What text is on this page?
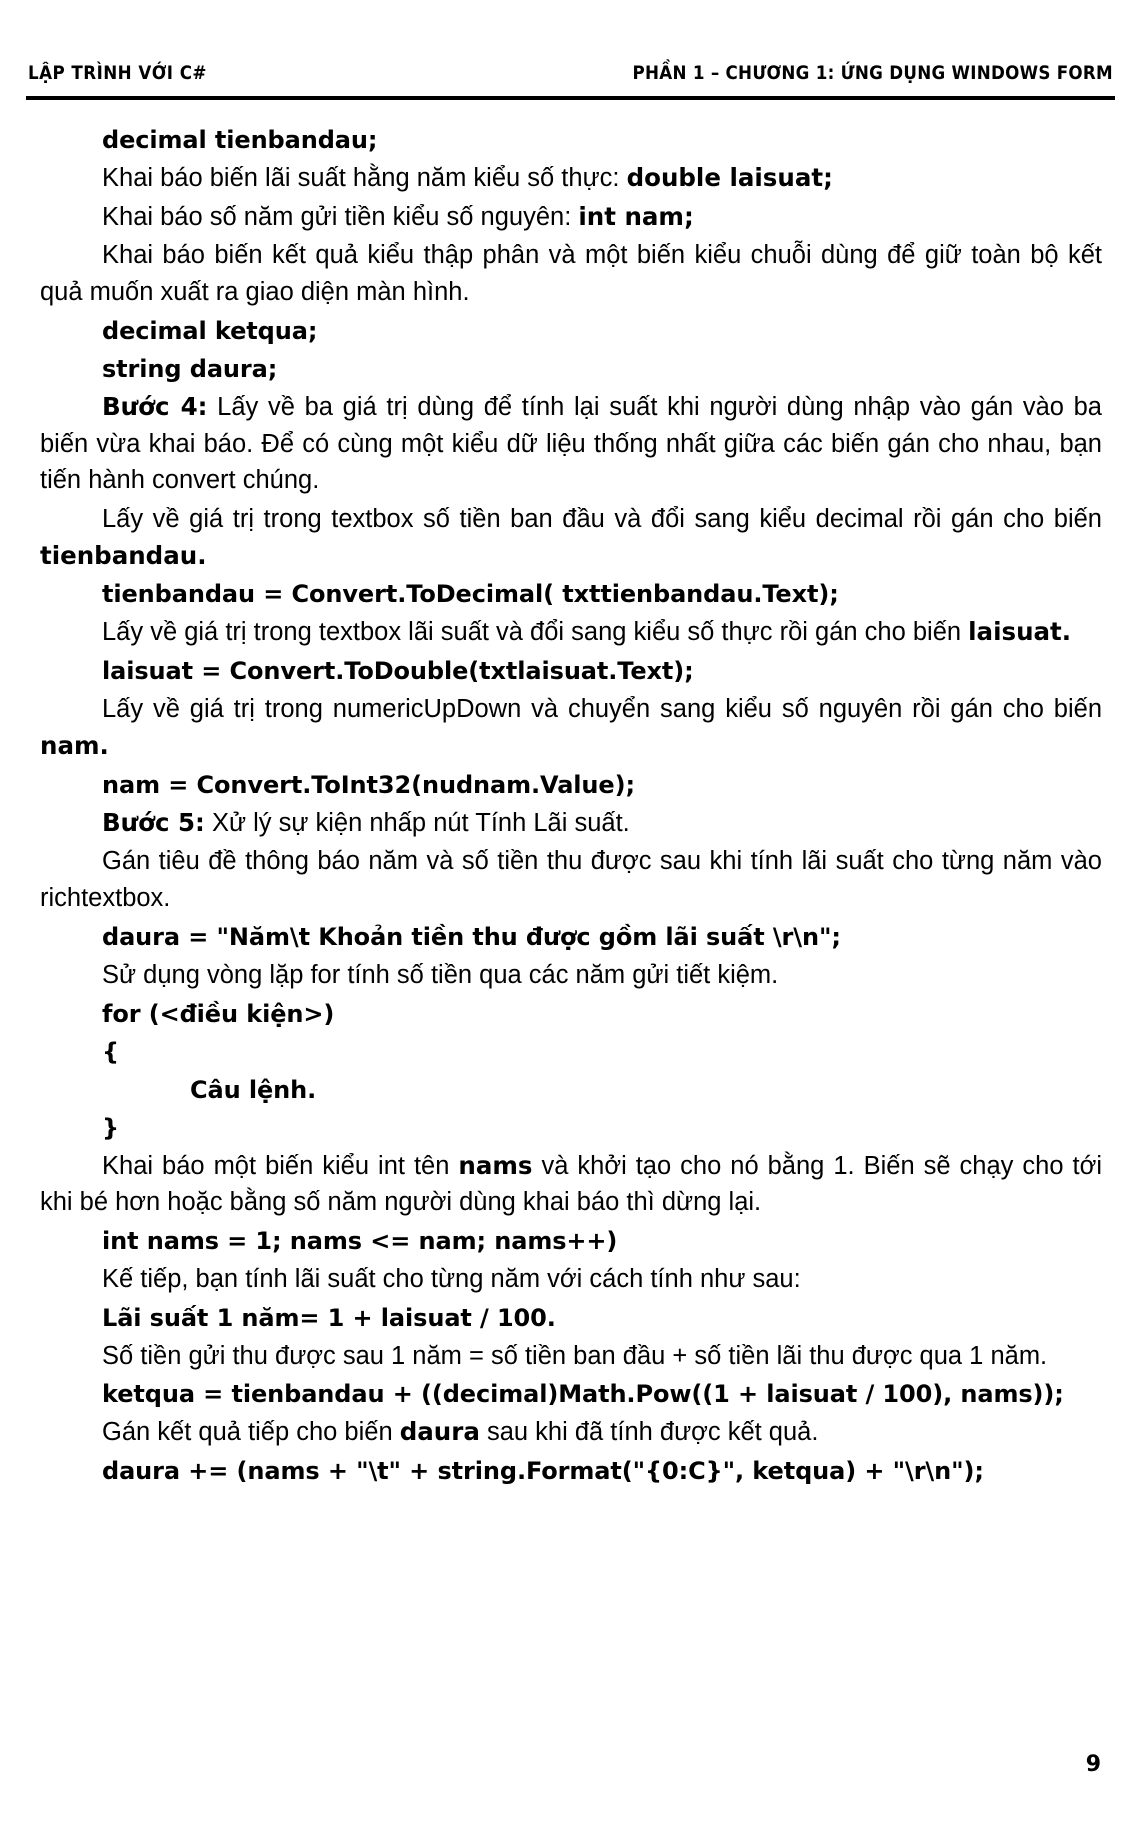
LẬP TRÌNH VỚI C#	PHẦN 1 – CHƯƠNG 1: ỨNG DỤNG WINDOWS FORM
decimal tienbandau;

Khai báo biến lãi suất hằng năm kiểu số thực: double laisuat;

Khai báo số năm gửi tiền kiểu số nguyên: int nam;

Khai báo biến kết quả kiểu thập phân và một biến kiểu chuỗi dùng để giữ toàn bộ kết quả muốn xuất ra giao diện màn hình.

decimal ketqua;
string daura;

Bước 4: Lấy về ba giá trị dùng để tính lại suất khi người dùng nhập vào gán vào ba biến vừa khai báo. Để có cùng một kiểu dữ liệu thống nhất giữa các biến gán cho nhau, bạn tiến hành convert chúng.

Lấy về giá trị trong textbox số tiền ban đầu và đổi sang kiểu decimal rồi gán cho biến tienbandau.

tienbandau = Convert.ToDecimal( txttienbandau.Text);

Lấy về giá trị trong textbox lãi suất và đổi sang kiểu số thực rồi gán cho biến laisuat.

laisuat = Convert.ToDouble(txtlaisuat.Text);

Lấy về giá trị trong numericUpDown và chuyển sang kiểu số nguyên rồi gán cho biến nam.

nam = Convert.ToInt32(nudnam.Value);

Bước 5: Xử lý sự kiện nhấp nút Tính Lãi suất.

Gán tiêu đề thông báo năm và số tiền thu được sau khi tính lãi suất cho từng năm vào richtextbox.

daura = "Năm\t Khoản tiền thu được gồm lãi suất \r\n";

Sử dụng vòng lặp for tính số tiền qua các năm gửi tiết kiệm.

for (<điều kiện>)
{
Câu lệnh.
}

Khai báo một biến kiểu int tên nams và khởi tạo cho nó bằng 1. Biến sẽ chạy cho tới khi bé hơn hoặc bằng số năm người dùng khai báo thì dừng lại.

int nams = 1; nams <= nam; nams++)

Kế tiếp, bạn tính lãi suất cho từng năm với cách tính như sau:

Lãi suất 1 năm= 1 + laisuat / 100.

Số tiền gửi thu được sau 1 năm = số tiền ban đầu + số tiền lãi thu được qua 1 năm.

ketqua = tienbandau + ((decimal)Math.Pow((1 + laisuat / 100), nams));

Gán kết quả tiếp cho biến daura sau khi đã tính được kết quả.

daura += (nams + "\t" + string.Format("{0:C}", ketqua) + "\r\n");
9
